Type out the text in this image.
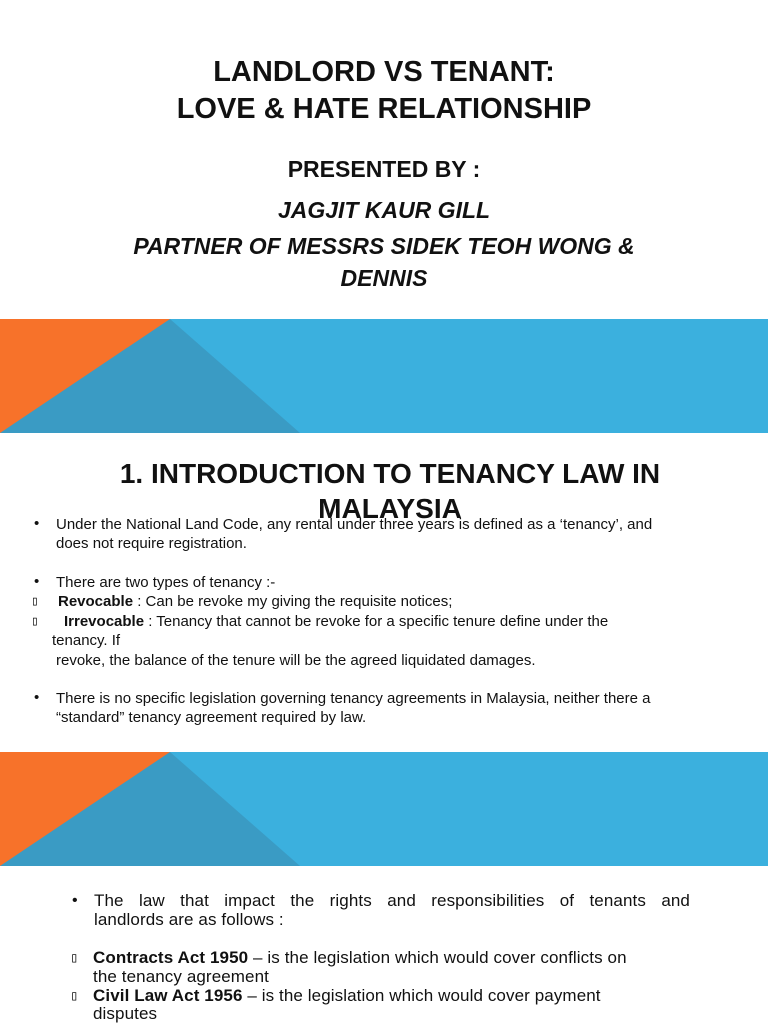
LANDLORD VS TENANT:
LOVE & HATE RELATIONSHIP
PRESENTED BY :
JAGJIT KAUR GILL
PARTNER OF MESSRS SIDEK TEOH WONG &
DENNIS
1. INTRODUCTION TO TENANCY LAW IN
MALAYSIA
• Under the National Land Code, any rental under three years is defined as a ‘tenancy’, and
does not require registration.
• There are two types of tenancy :-
▯ Revocable : Can be revoke my giving the requisite notices;
▯ Irrevocable : Tenancy that cannot be revoke for a specific tenure define under the
tenancy. If
revoke, the balance of the tenure will be the agreed liquidated damages.
• There is no specific legislation governing tenancy agreements in Malaysia, neither there a
“standard” tenancy agreement required by law.
• The law that impact the rights and responsibilities of tenants and
landlords are as follows :
▯ Contracts Act 1950 – is the legislation which would cover conflicts on
the tenancy agreement
▯ Civil Law Act 1956 – is the legislation which would cover payment
disputes
